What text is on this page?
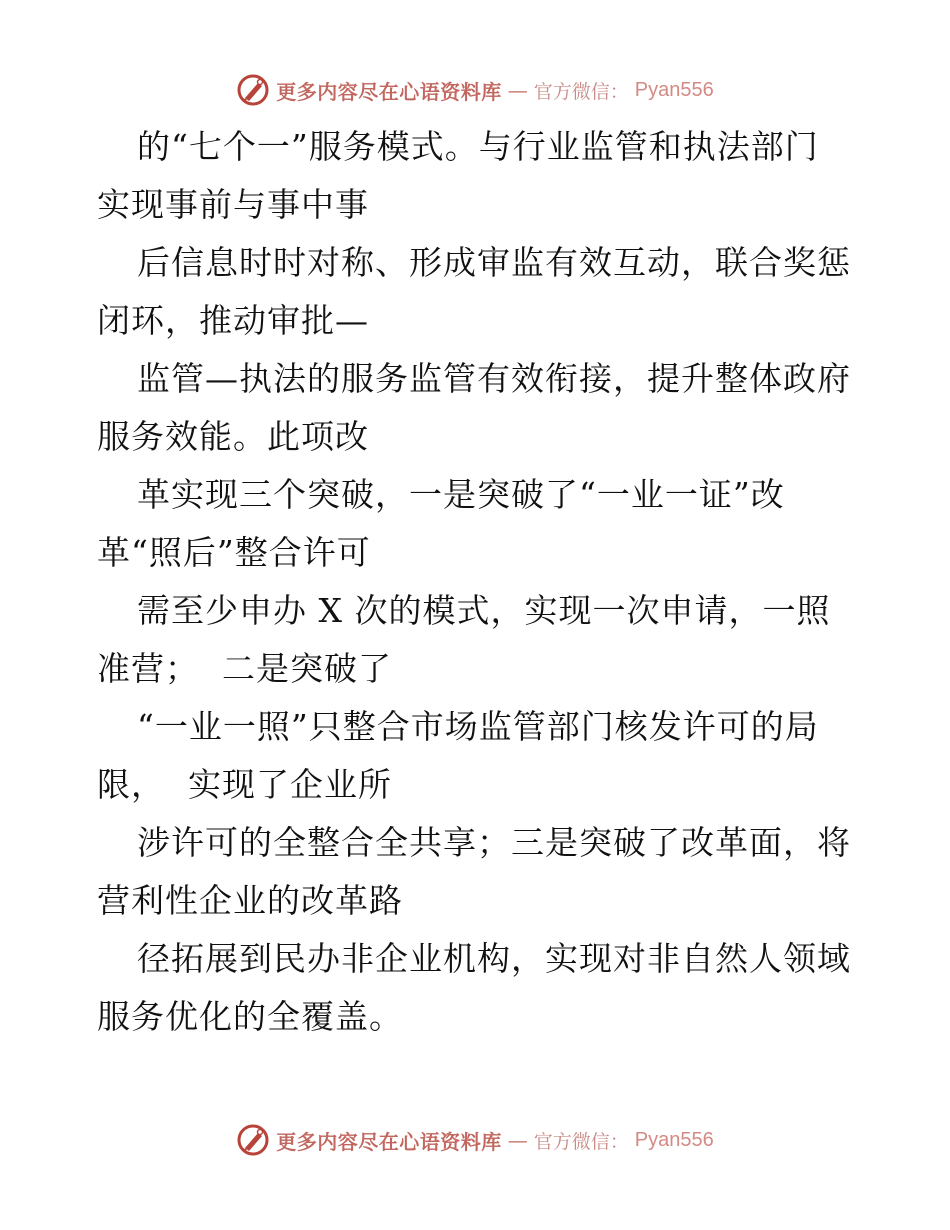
更多内容尽在心语资料库 — 官方微信： Pyan556
的“七个一”服务模式。与行业监管和执法部门
实现事前与事中事
后信息时时对称、形成审监有效互动，联合奖惩
闭环，推动审批—
监管—执法的服务监管有效衔接，提升整体政府
服务效能。此项改
革实现三个突破，一是突破了“一业一证”改
革“照后”整合许可
需至少申办 X 次的模式，实现一次申请，一照
准营；  二是突破了
“一业一照”只整合市场监管部门核发许可的局
限，  实现了企业所
涉许可的全整合全共享；三是突破了改革面，将
营利性企业的改革路
径拓展到民办非企业机构，实现对非自然人领域
服务优化的全覆盖。
更多内容尽在心语资料库 — 官方微信： Pyan556
